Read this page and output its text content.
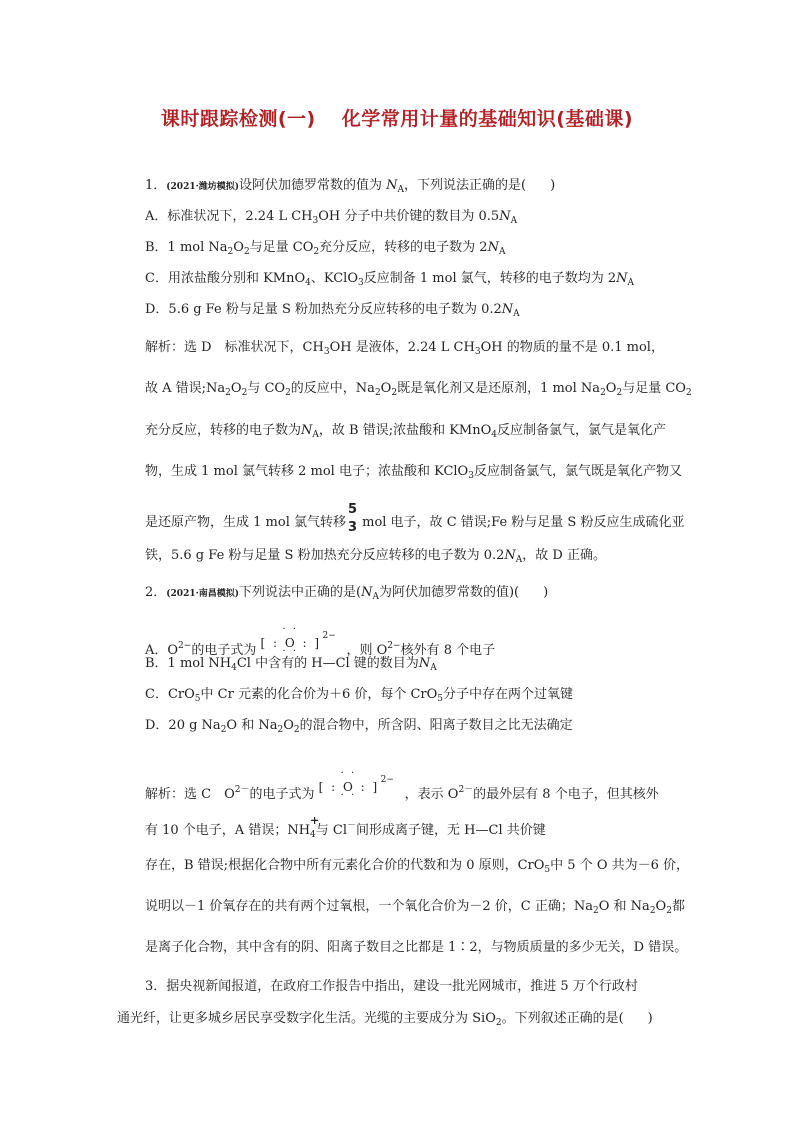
课时跟踪检测(一) 化学常用计量的基础知识(基础课)
1．(2021·潍坊模拟)设阿伏加德罗常数的值为 $N_A$，下列说法正确的是( )
A．标准状况下，2.24 L $CH_3OH$ 分子中共价键的数目为 $0.5N_A$
B．1 mol $Na_2O_2$与足量 $CO_2$充分反应，转移的电子数为 $2N_A$
C．用浓盐酸分别和 KMnO$_4$、KClO$_3$反应制备 1 mol 氯气，转移的电子数均为 $2N_A$
D．5.6 g Fe 粉与足量 S 粉加热充分反应转移的电子数为 $0.2N_A$
解析：选 D　标准状况下，$CH_3OH$ 是液体，2.24 L $CH_3OH$ 的物质的量不是 0.1 mol，
故 A 错误$;Na_2O_2$与 $CO_2$的反应中，$Na_2O_2$既是氧化剂又是还原剂，1 mol $Na_2O_2$与足量 $CO_2$
充分反应，转移的电子数为$N_A$，故 B 错误;浓盐酸和 KMnO$_4$反应制备氯气，氯气是氧化产
物，生成 1 mol 氯气转移 2 mol 电子；浓盐酸和 KClO$_3$反应制备氯气，氯气既是氧化产物又
是还原产物，生成 1 mol 氯气转移
5
3 mol 电子，故 C 错误;Fe 粉与足量 S 粉反应生成硫化亚
铁，5.6 g Fe 粉与足量 S 粉加热充分反应转移的电子数为 $0.2N_A$，故 D 正确。
2．(2021·南昌模拟)下列说法中正确的是($N_A$为阿伏加德罗常数的值)( )
A．$O^{2-}$的电子式为
· ·
[ : O : ]
· ·
2−
，则 $O^{2-}$核外有 8 个电子
B．1 mol $NH_4Cl$ 中含有的 H—Cl 键的数目为$N_A$
C．CrO$_5$中 Cr 元素的化合价为＋6 价，每个 CrO$_5$分子中存在两个过氧键
D．20 g $Na_2O$ 和 $Na_2O_2$的混合物中，所含阴、阳离子数目之比无法确定
解析：选 C　$O^{2-}$的电子式为
· ·
[ : O : ]
· ·
2−
，表示 $O^{2-}$的最外层有 8 个电子，但其核外
有 10 个电子，A 错误；NH
+
$_4$与 Cl－间形成离子键，无 H—Cl 共价键
存在，B 错误;根据化合物中所有元素化合价的代数和为 0 原则，CrO$_5$中 5 个 O 共为－6 价，
说明以－1 价氧存在的共有两个过氧根，一个氧化合价为－2 价，C 正确；$Na_2O$ 和 $Na_2O_2$都
是离子化合物，其中含有的阴、阳离子数目之比都是 1∶2，与物质质量的多少无关，D 错误。
3．据央视新闻报道，在政府工作报告中指出，建设一批光网城市，推进 5 万个行政村
通光纤，让更多城乡居民享受数字化生活。光缆的主要成分为 SiO$_2$。下列叙述正确的是( )
